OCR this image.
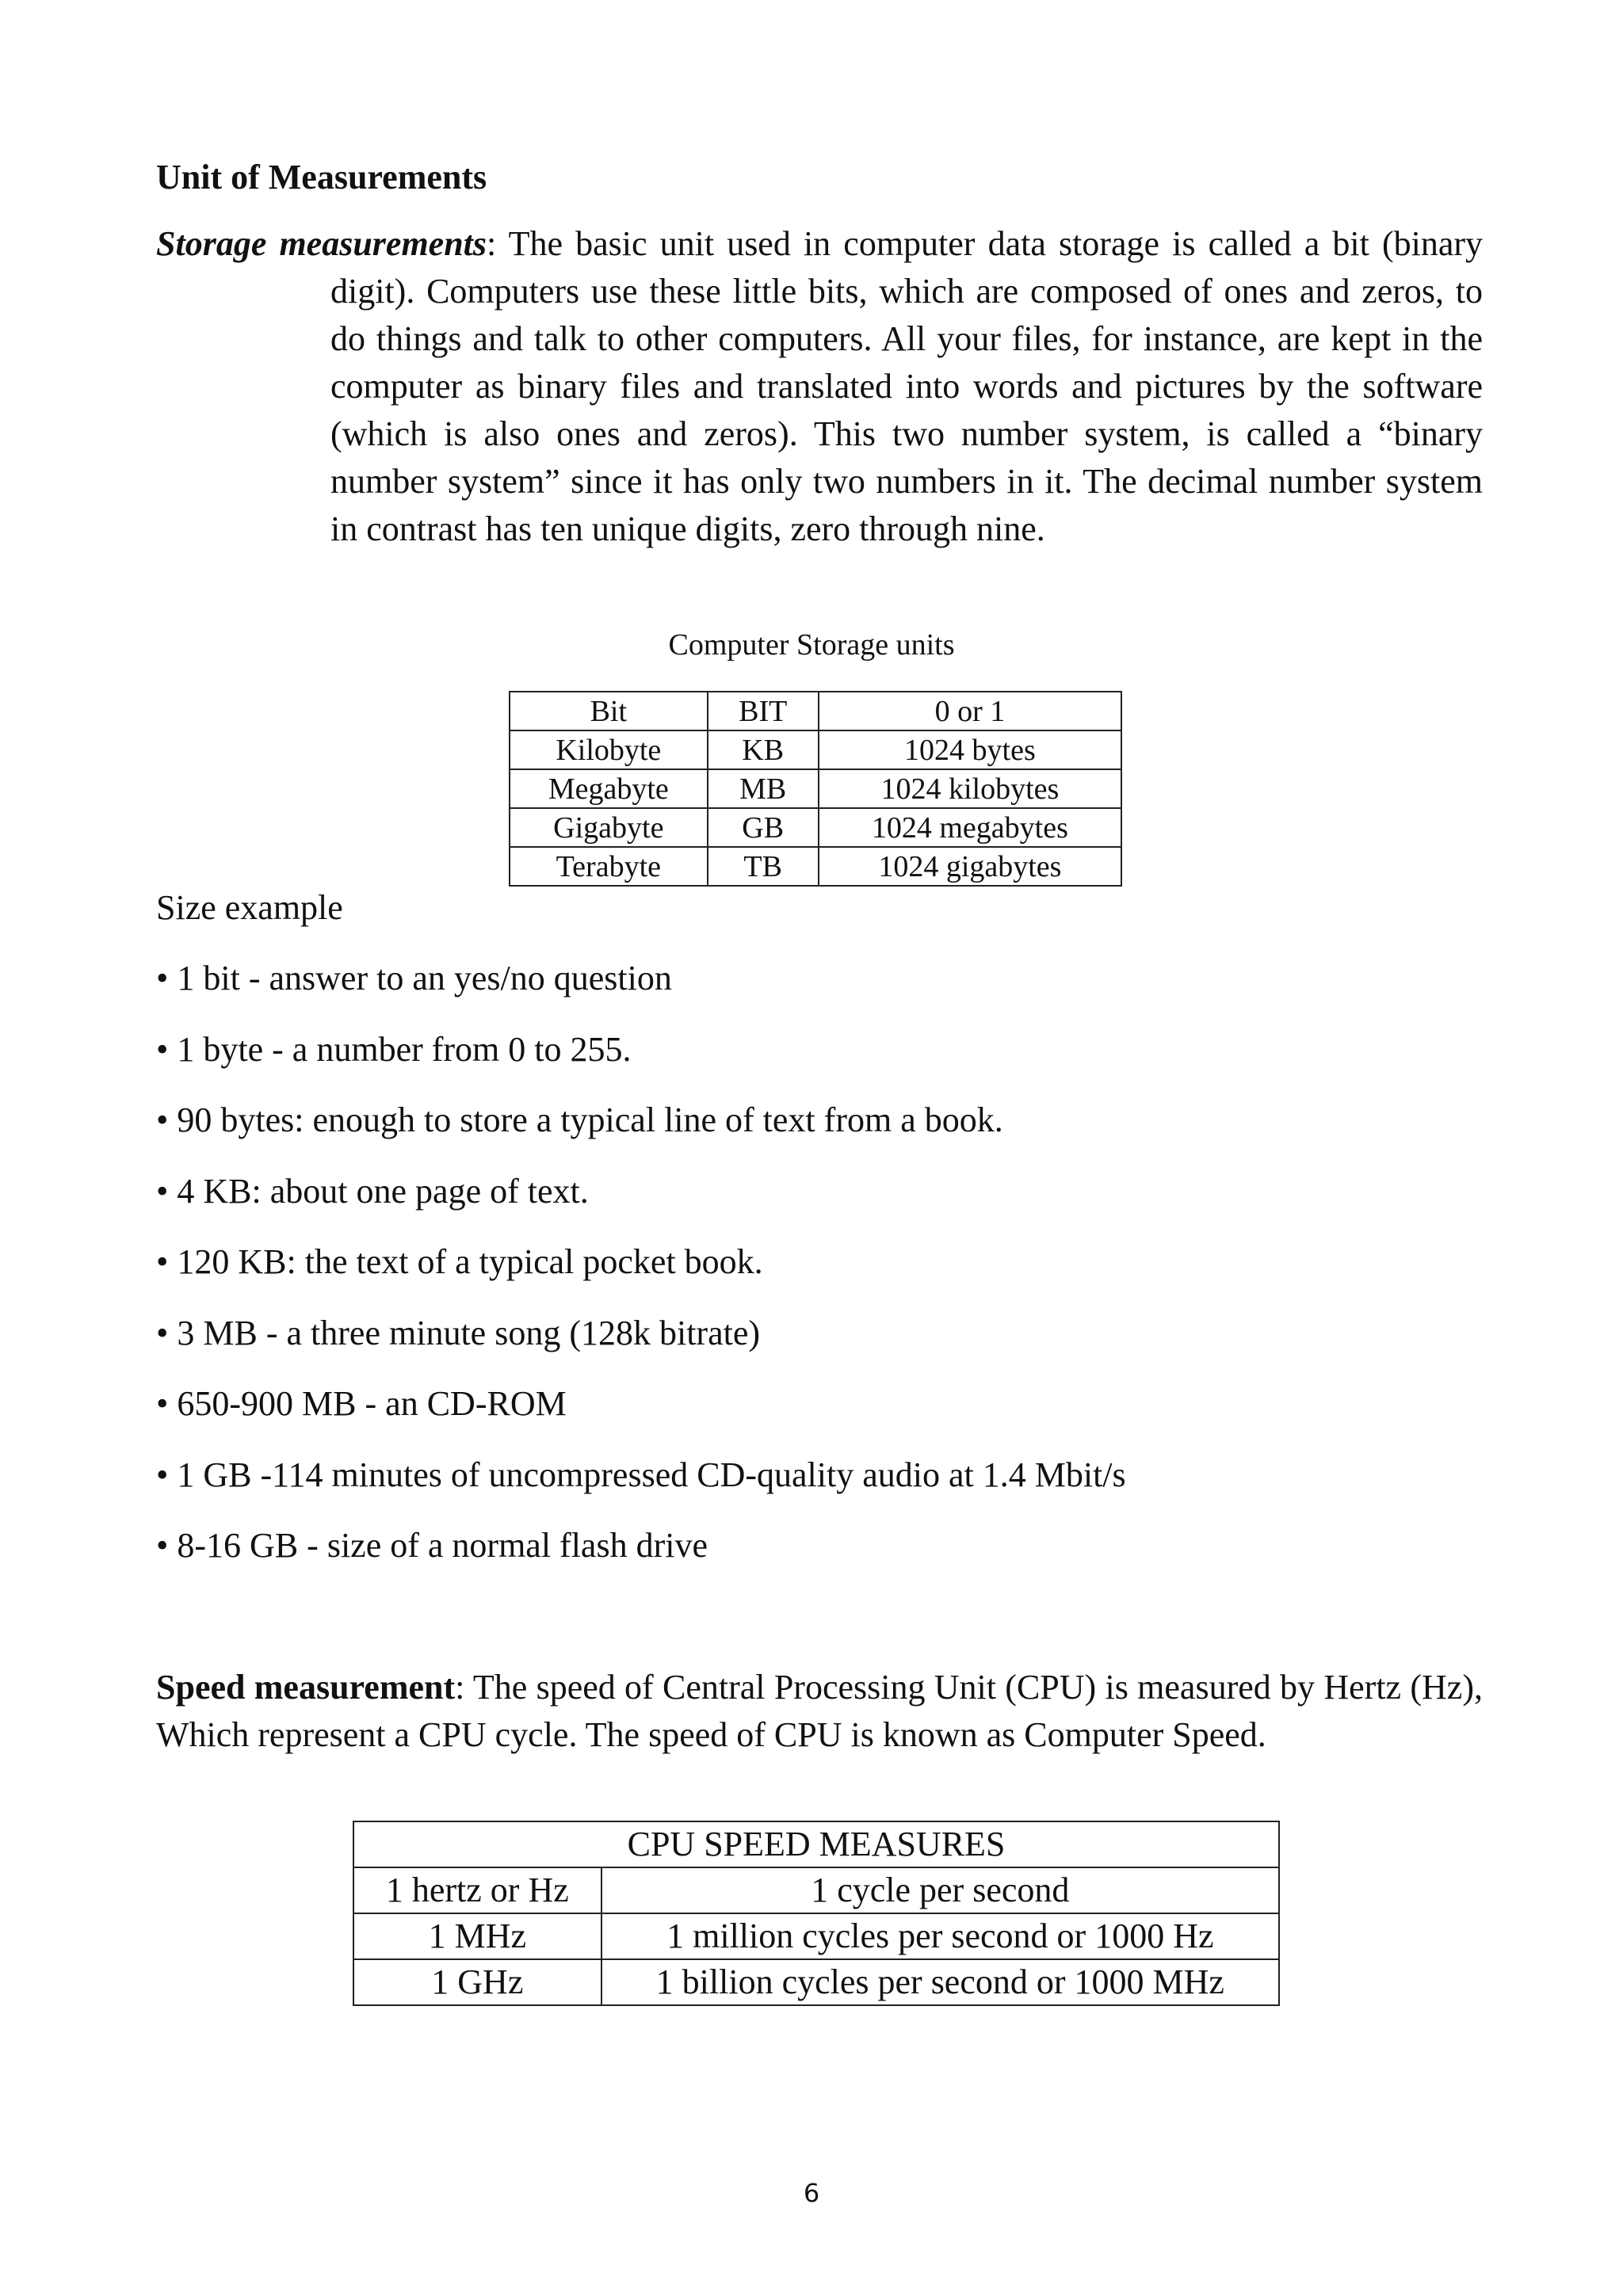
Unit of Measurements

Storage measurements: The basic unit used in computer data storage is called a bit (binary digit). Computers use these little bits, which are composed of ones and zeros, to do things and talk to other computers. All your files, for instance, are kept in the computer as binary files and translated into words and pictures by the software (which is also ones and zeros). This two number system, is called a “binary number system” since it has only two numbers in it. The decimal number system in contrast has ten unique digits, zero through nine.

Computer Storage units
Bit	BIT	0 or 1
Kilobyte	KB	1024 bytes
Megabyte	MB	1024 kilobytes
Gigabyte	GB	1024 megabytes
Terabyte	TB	1024 gigabytes
Size example
• 1 bit - answer to an yes/no question
• 1 byte - a number from 0 to 255.
• 90 bytes: enough to store a typical line of text from a book.
• 4 KB: about one page of text.
• 120 KB: the text of a typical pocket book.
• 3 MB - a three minute song (128k bitrate)
• 650-900 MB - an CD-ROM
• 1 GB -114 minutes of uncompressed CD-quality audio at 1.4 Mbit/s
• 8-16 GB - size of a normal flash drive

Speed measurement: The speed of Central Processing Unit (CPU) is measured by Hertz (Hz), Which represent a CPU cycle. The speed of CPU is known as Computer Speed.

CPU SPEED MEASURES	
1 hertz or Hz	1 cycle per second
1 MHz	1 million cycles per second or 1000 Hz
1 GHz	1 billion cycles per second or 1000 MHz
6
